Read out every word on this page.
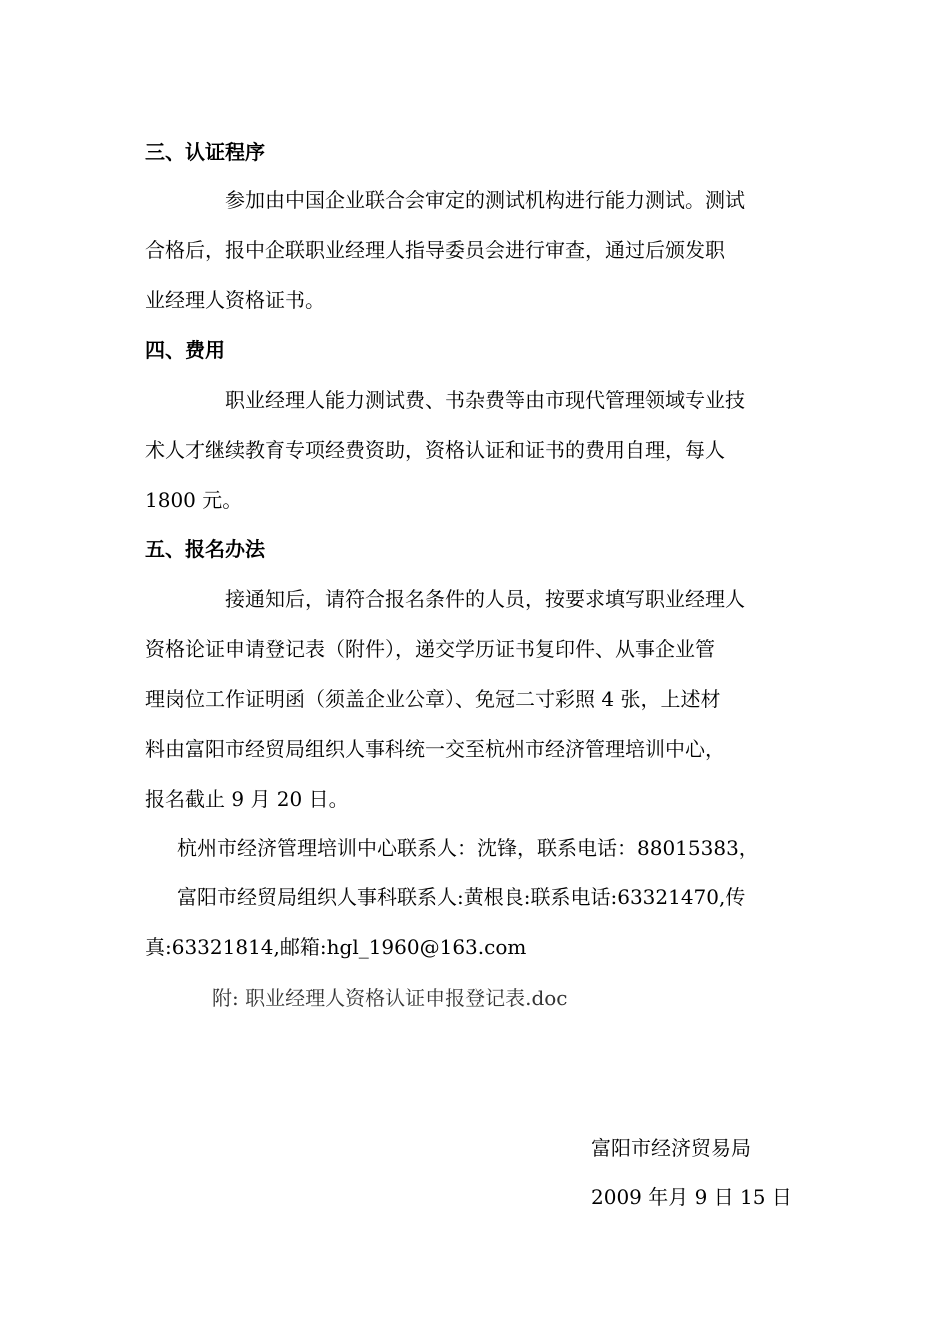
三、认证程序
参加由中国企业联合会审定的测试机构进行能力测试。测试
合格后，报中企联职业经理人指导委员会进行审查，通过后颁发职
业经理人资格证书。
四、费用
职业经理人能力测试费、书杂费等由市现代管理领域专业技
术人才继续教育专项经费资助，资格认证和证书的费用自理，每人
1800 元。
五、报名办法
接通知后，请符合报名条件的人员，按要求填写职业经理人
资格论证申请登记表（附件），递交学历证书复印件、从事企业管
理岗位工作证明函（须盖企业公章）、免冠二寸彩照 4 张，上述材
料由富阳市经贸局组织人事科统一交至杭州市经济管理培训中心，
报名截止 9 月 20 日。
杭州市经济管理培训中心联系人：沈锋，联系电话：88015383，
富阳市经贸局组织人事科联系人:黄根良:联系电话:63321470,传
真:63321814,邮箱:hgl_1960@163.com
附: 职业经理人资格认证申报登记表.doc
富阳市经济贸易局
2009 年月 9 日 15 日
